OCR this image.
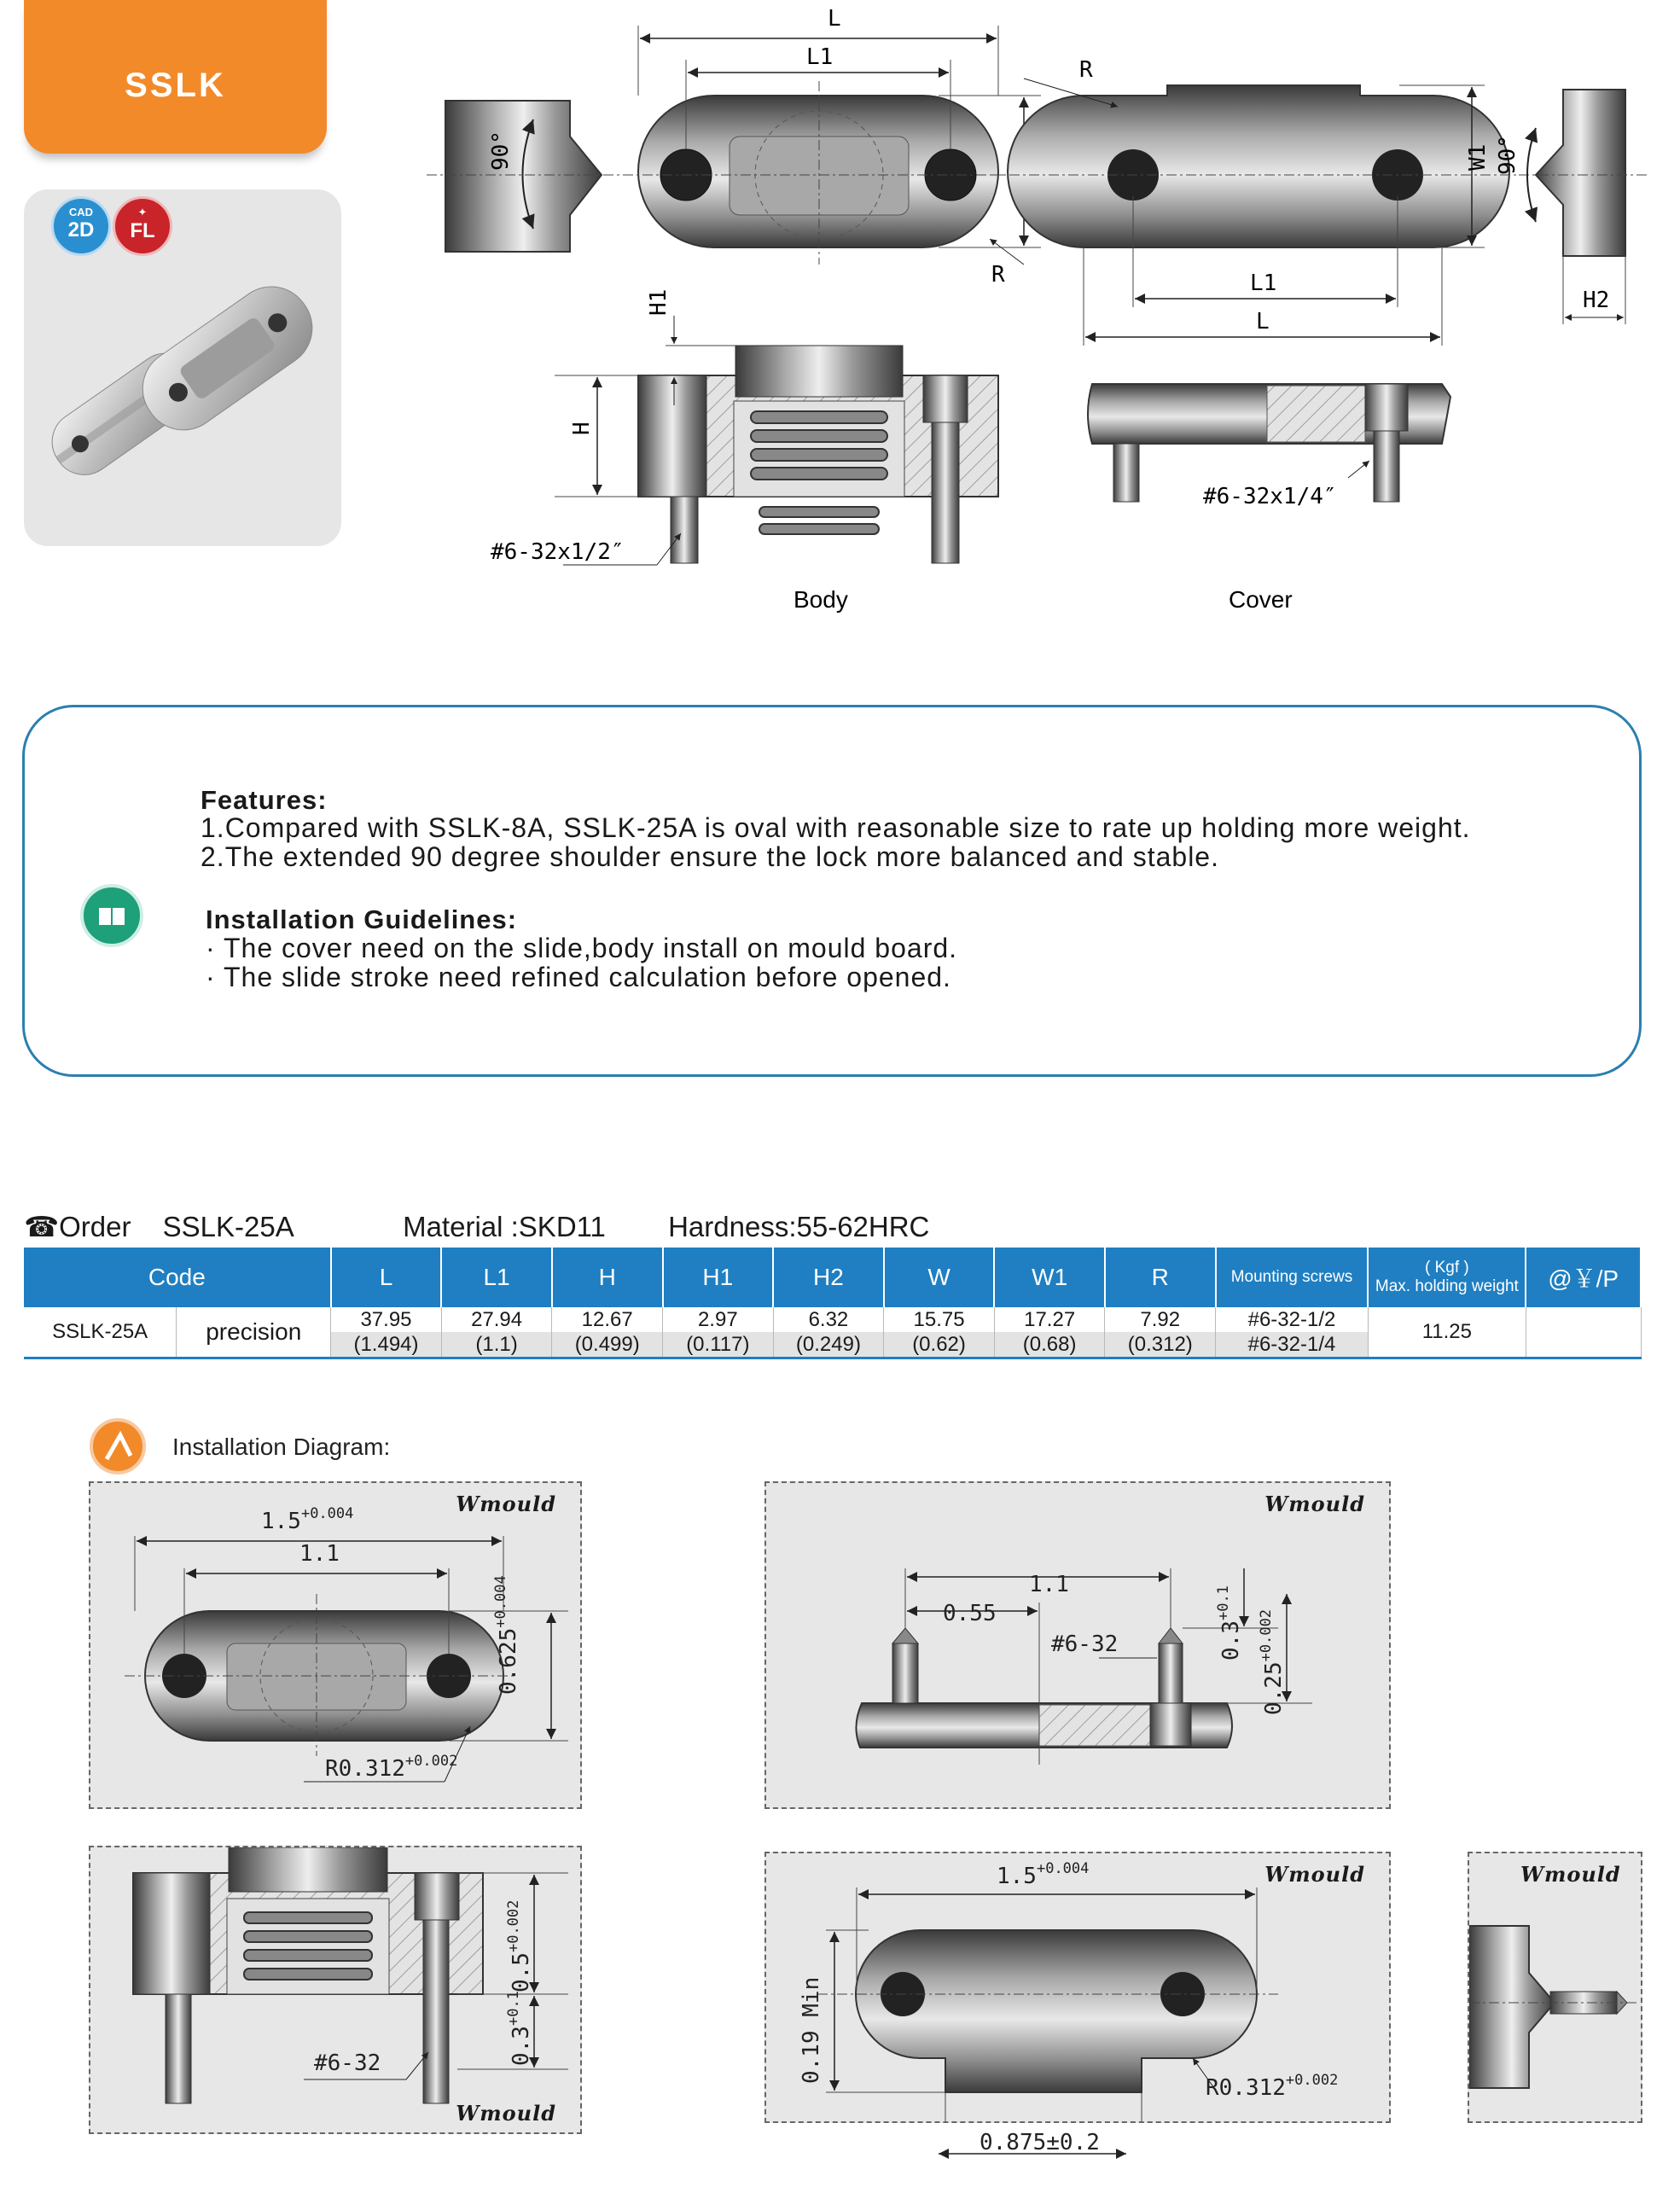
SSLK
CAD
2D
✦
FL
90°
L
L1
R
R
W1
L1
L
90°
H2
H
H1
#6-32x1/2″
Body
#6-32x1/4″
Cover
Features:
1.Compared with SSLK-8A, SSLK-25A is oval with reasonable size to rate up holding more weight.
2.The extended 90 degree shoulder ensure the lock more balanced and stable.
Installation Guidelines:
· The cover need on the slide,body install on mould board.
· The slide stroke need refined calculation before opened.
☎Order SSLK-25A	Material :SKD11 Hardness:55-62HRC
Code		L	L1	H	H1	H2	W	W1	R	Mounting screws	( Kgf )
Max. holding weight	@￥/P
SSLK-25A	precision	37.95	27.94	12.67	2.97	6.32	15.75	17.27	7.92	#6-32-1/2	11.25	
		(1.494)	(1.1)	(0.499)	(0.117)	(0.249)	(0.62)	(0.68)	(0.312)	#6-32-1/4		
Installation Diagram:
Wmould
$1.5^{+0.004}$
1.1
$R0.312^{+0.002}$
$0.625^{+0.004}$
Wmould
#6-32
$0.5^{+0.002}$
$0.3^{+0.1}$
Wmould
1.1
0.55
#6-32	$0.3^{+0.1}$
$0.25^{+0.002}$
Wmould
$1.5^{+0.004}$
$R0.312^{+0.002}$
0.19 Min
0.875±0.2
Wmould
